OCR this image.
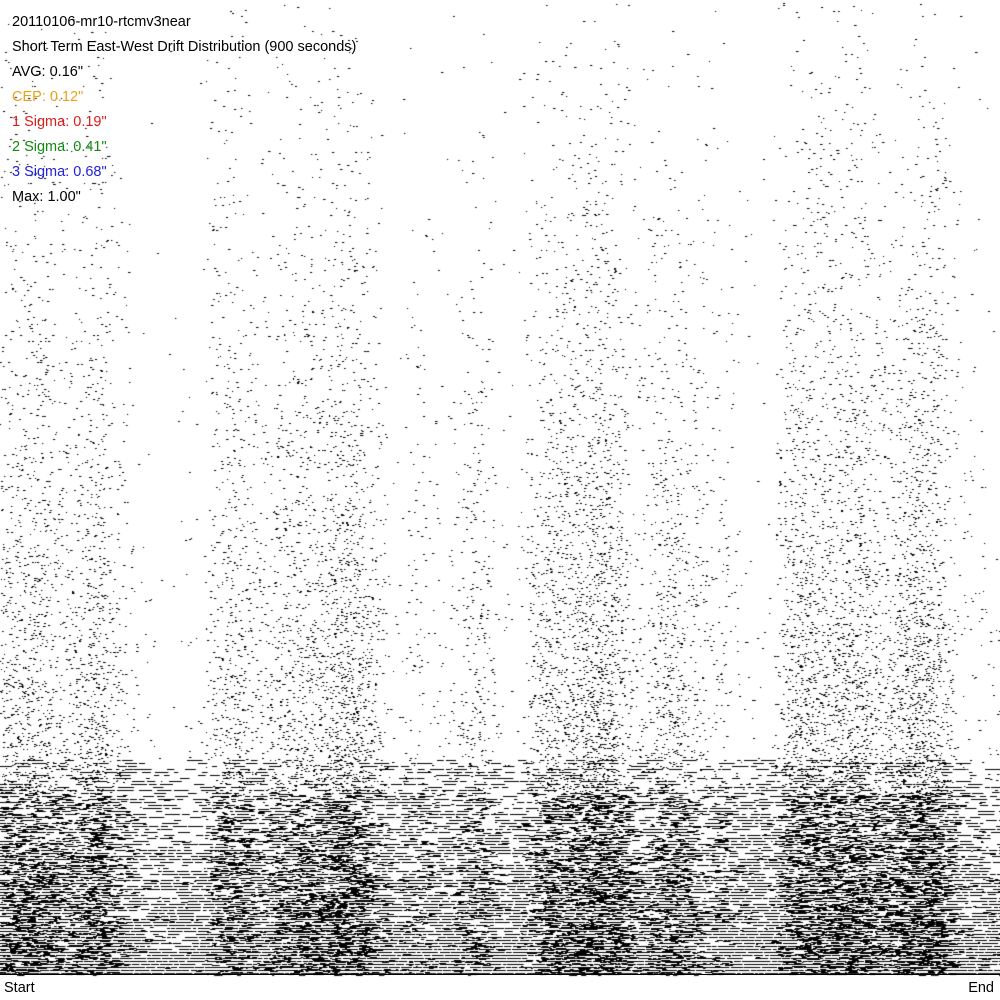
20110106-mr10-rtcmv3near
Short Term East-West Drift Distribution (900 seconds)
AVG: 0.16"
CEP: 0.12"
1 Sigma: 0.19"
2 Sigma: 0.41"
3 Sigma: 0.68"
Max: 1.00"
Start	End
